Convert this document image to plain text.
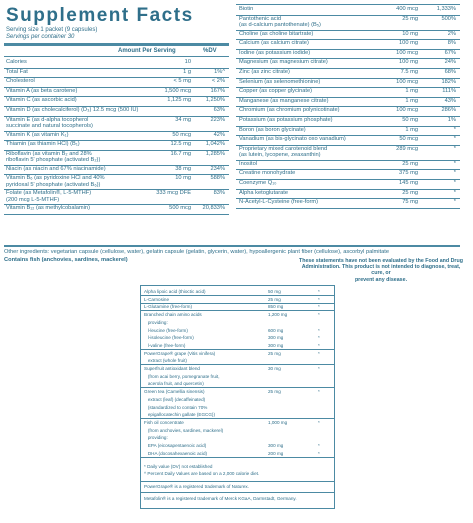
Supplement Facts
Serving size 1 packet (9 capsules)
Servings per container 30
Amount Per Serving	%DV
Calories	10
Total Fat	1 g	1%^
Cholesterol	< 5 mg	< 2%
Vitamin A (as beta carotene)	1,500 mcg	167%
Vitamin C (as ascorbic acid)	1,125 mg	1,250%
Vitamin D (as cholecalciferol) (D₃) 12.5 mcg (500 IU)	63%
Vitamin E (as d-alpha tocopherol
succinate and natural tocopherols)
34 mg	223%
Vitamin K (as vitamin K₁)	50 mcg	42%
Thiamin (as thiamin HCl) (B₁)	12.5 mg	1,042%
Riboflavin (as vitamin B₂ and 28%
riboflavin 5' phosphate (activated B₂))
16.7 mg	1,285%
Niacin (as niacin and 67% niacinamide)	38 mg	234%
Vitamin B₆ (as pyridoxine HCl and 40%
pyridoxal 5' phosphate (activated B₆))
10 mg	588%
Folate (as Metafolin®, L-5-MTHF)
(200 mcg L-5-MTHF)
333 mcg DFE	83%
Vitamin B₁₂ (as methylcobalamin)	500 mcg 20,833%
Biotin	400 mcg	1,333%
Pantothenic acid
(as d-calcium pantothenate) (B₅)
25 mg	500%
Choline (as choline bitartrate)	10 mg	2%
Calcium (as calcium citrate)	100 mg	8%
Iodine (as potassium iodide)	100 mcg	67%
Magnesium (as magnesium citrate)	100 mg	24%
Zinc (as zinc citrate)	7.5 mg	68%
Selenium (as selenomethionine)	100 mcg	182%
Copper (as copper glycinate)	1 mg	111%
Manganese (as manganese citrate)	1 mg	43%
Chromium (as chromium polynicotinate)	100 mcg	286%
Potassium (as potassium phosphate)	50 mg	1%
Boron (as boron glycinate)	1 mg	*
Vanadium (as bis-glycinato oxo vanadium)	50 mcg	*
Proprietary mixed carotenoid blend
(as lutein, lycopene, zeaxanthin)
289 mcg	*
Inositol	25 mg	*
Creatine monohydrate	375 mg	*
Coenzyme Q₁₀	145 mg	*
Alpha ketoglutarate	25 mg	*
N-Acetyl-L-Cysteine (free-form)	75 mg	*
Other ingredients: vegetarian capsule (cellulose, water), gelatin capsule (gelatin, glycerin, water), hypoallergenic plant fiber (cellulose), ascorbyl palmitate
Contains fish (anchovies, sardines, mackerel)	These statements have not been evaluated by the Food and Drug
Administration. This product is not intended to diagnose, treat, cure, or
prevent any disease.
Alpha lipoic acid (thioctic acid)	50 mg	*
L-Carnosine	25 mg	*
L-Glutamine (free-form)	850 mg	*
Branched chain amino acids	1,200 mg	*
providing:
l-leucine (free-form)	600 mg	*
l-isoleucine (free-form)	300 mg	*
l-valine (free-form)	300 mg	*
PowerGrape® grape (Vitis vinifera)	25 mg	*
extract (whole fruit)
Superfruit antioxidant blend	30 mg	*
(from acai berry, pomegranate fruit,
acerola fruit, and quercetin)
Green tea (Camellia sinensis)	25 mg	*
extract (leaf) (decaffeinated)
(standardized to contain 70%
epigallocatechin gallate (EGCG))
Fish oil concentrate	1,000 mg	*
(from anchovies, sardines, mackerel)
providing:
EPA (eicosapentaenoic acid)	300 mg	*
DHA (docosahexaenoic acid)	200 mg	*
* Daily value (DV) not established
^ Percent Daily Values are based on a 2,000 calorie diet.
PowerGrape® is a registered trademark of Naturex.
Metafolin® is a registered trademark of Merck KGaA, Darmstadt, Germany.
